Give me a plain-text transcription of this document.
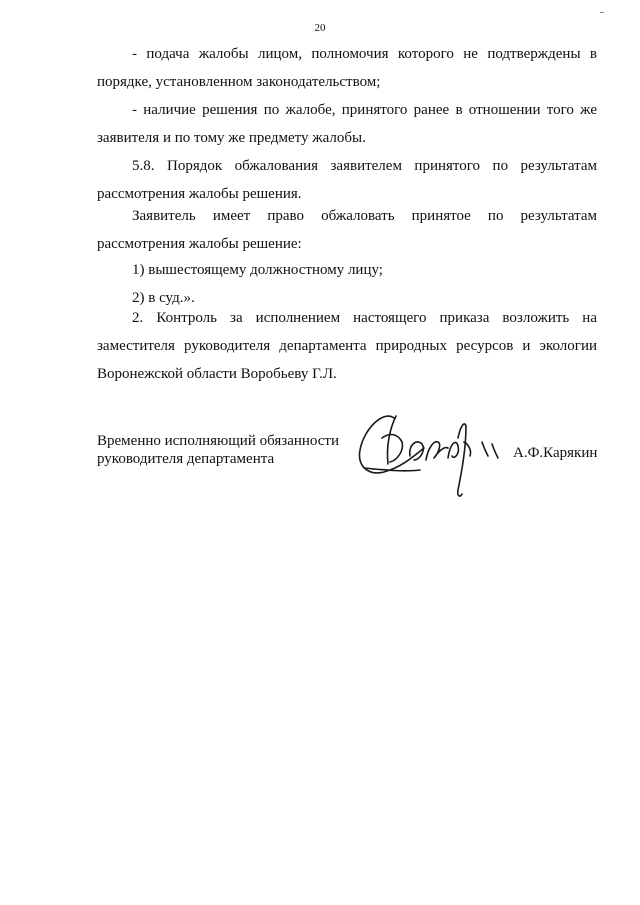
20
- подача жалобы лицом, полномочия которого не подтверждены в порядке, установленном законодательством;
- наличие решения по жалобе, принятого ранее в отношении того же заявителя и по тому же предмету жалобы.
5.8. Порядок обжалования заявителем принятого по результатам рассмотрения жалобы решения.
Заявитель имеет право обжаловать принятое по результатам рассмотрения жалобы решение:
1) вышестоящему должностному лицу;
2) в суд.».
2. Контроль за исполнением настоящего приказа возложить на заместителя руководителя департамента природных ресурсов и экологии Воронежской области Воробьеву Г.Л.
Временно исполняющий обязанности
руководителя департамента	А.Ф.Карякин
